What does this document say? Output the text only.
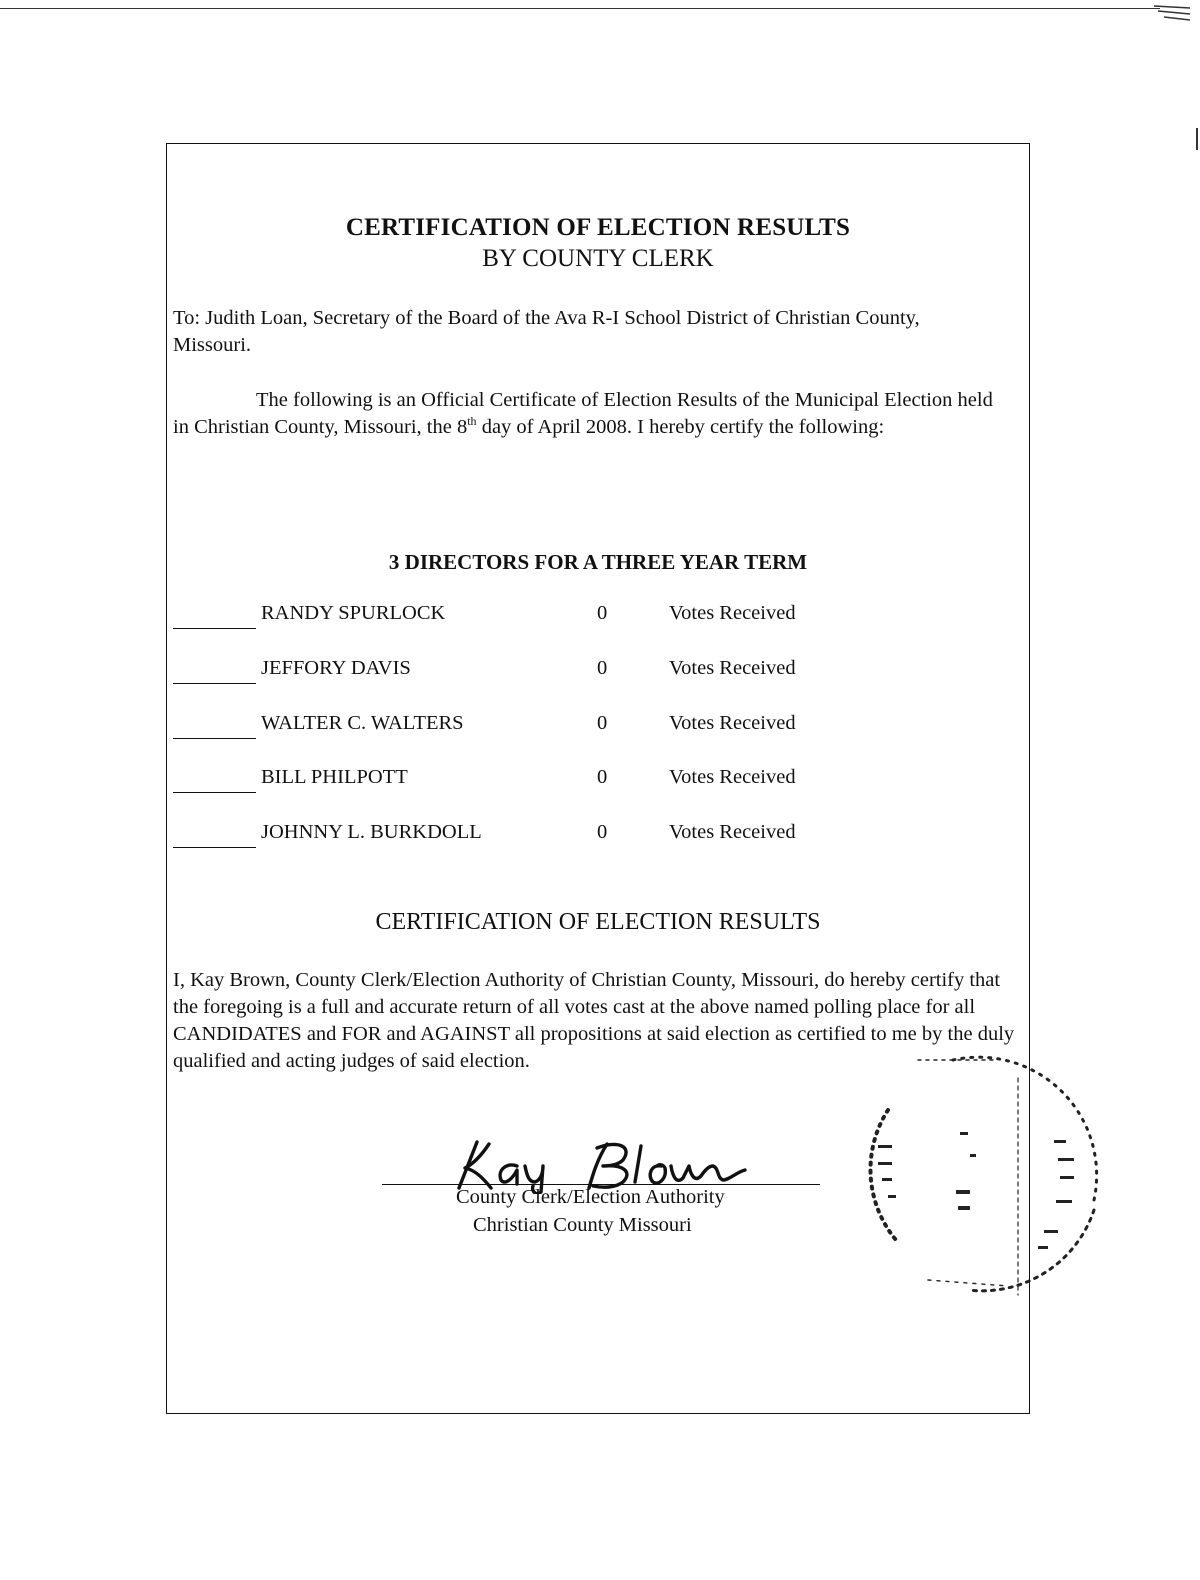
CERTIFICATION OF ELECTION RESULTS
BY COUNTY CLERK

To: Judith Loan, Secretary of the Board of the Ava R-I School District of Christian County, Missouri.

The following is an Official Certificate of Election Results of the Municipal Election held in Christian County, Missouri, the 8th day of April 2008. I hereby certify the following:

3 DIRECTORS FOR A THREE YEAR TERM
RANDY SPURLOCK	0	Votes Received
JEFFORY DAVIS	0	Votes Received
WALTER C. WALTERS	0	Votes Received
BILL PHILPOTT	0	Votes Received
JOHNNY L. BURKDOLL	0	Votes Received
CERTIFICATION OF ELECTION RESULTS

I, Kay Brown, County Clerk/Election Authority of Christian County, Missouri, do hereby certify that the foregoing is a full and accurate return of all votes cast at the above named polling place for all CANDIDATES and FOR and AGAINST all propositions at said election as certified to me by the duly qualified and acting judges of said election.

County Clerk/Election Authority
Christian County Missouri
